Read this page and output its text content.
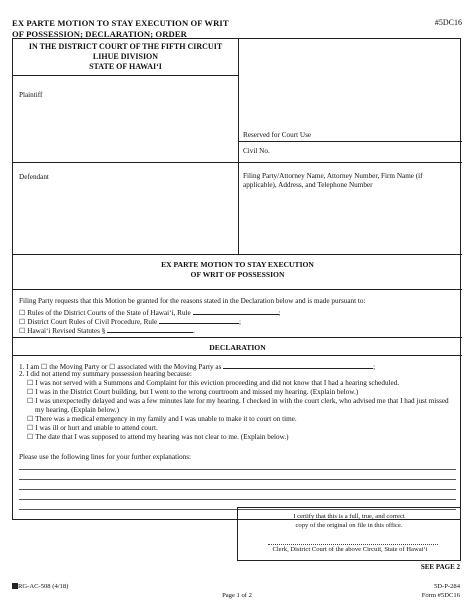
EX PARTE MOTION TO STAY EXECUTION OF WRIT
OF POSSESSION; DECLARATION; ORDER
#5DC16
IN THE DISTRICT COURT OF THE FIFTH CIRCUIT
LIHUE DIVISION
STATE OF HAWAI‘I
Plaintiff
Defendant
Reserved for Court Use
Civil No.
Filing Party/Attorney Name, Attorney Number, Firm Name (if applicable), Address, and Telephone Number
EX PARTE MOTION TO STAY EXECUTION
OF WRIT OF POSSESSION
Filing Party requests that this Motion be granted for the reasons stated in the Declaration below and is made pursuant to:
☐ Rules of the District Courts of the State of Hawai‘i, Rule	;
☐ District Court Rules of Civil Procedure, Rule	;
☐ Hawai‘i Revised Statutes §	.
DECLARATION
1. I am ☐ the Moving Party or ☐ associated with the Moving Party as	;
2. I did not attend my summary possession hearing because:
☐ I was not served with a Summons and Complaint for this eviction proceeding and did not know that I had a hearing scheduled.
☐ I was in the District Court building, but I went to the wrong courtroom and missed my hearing. (Explain below.)
☐ I was unexpectedly delayed and was a few minutes late for my hearing. I checked in with the court clerk, who advised me that I had just missed my hearing. (Explain below.)
☐ There was a medical emergency in my family and I was unable to make it to court on time.
☐ I was ill or hurt and unable to attend court.
☐ The date that I was supposed to attend my hearing was not clear to me. (Explain below.)
Please use the following lines for your further explanations:
I certify that this is a full, true, and correct
copy of the original on file in this office.
Clerk, District Court of the above Circuit, State of Hawai‘i
SEE PAGE 2
RG-AC-508 (4/18)
Page 1 of 2
5D-P-284
Form #5DC16
